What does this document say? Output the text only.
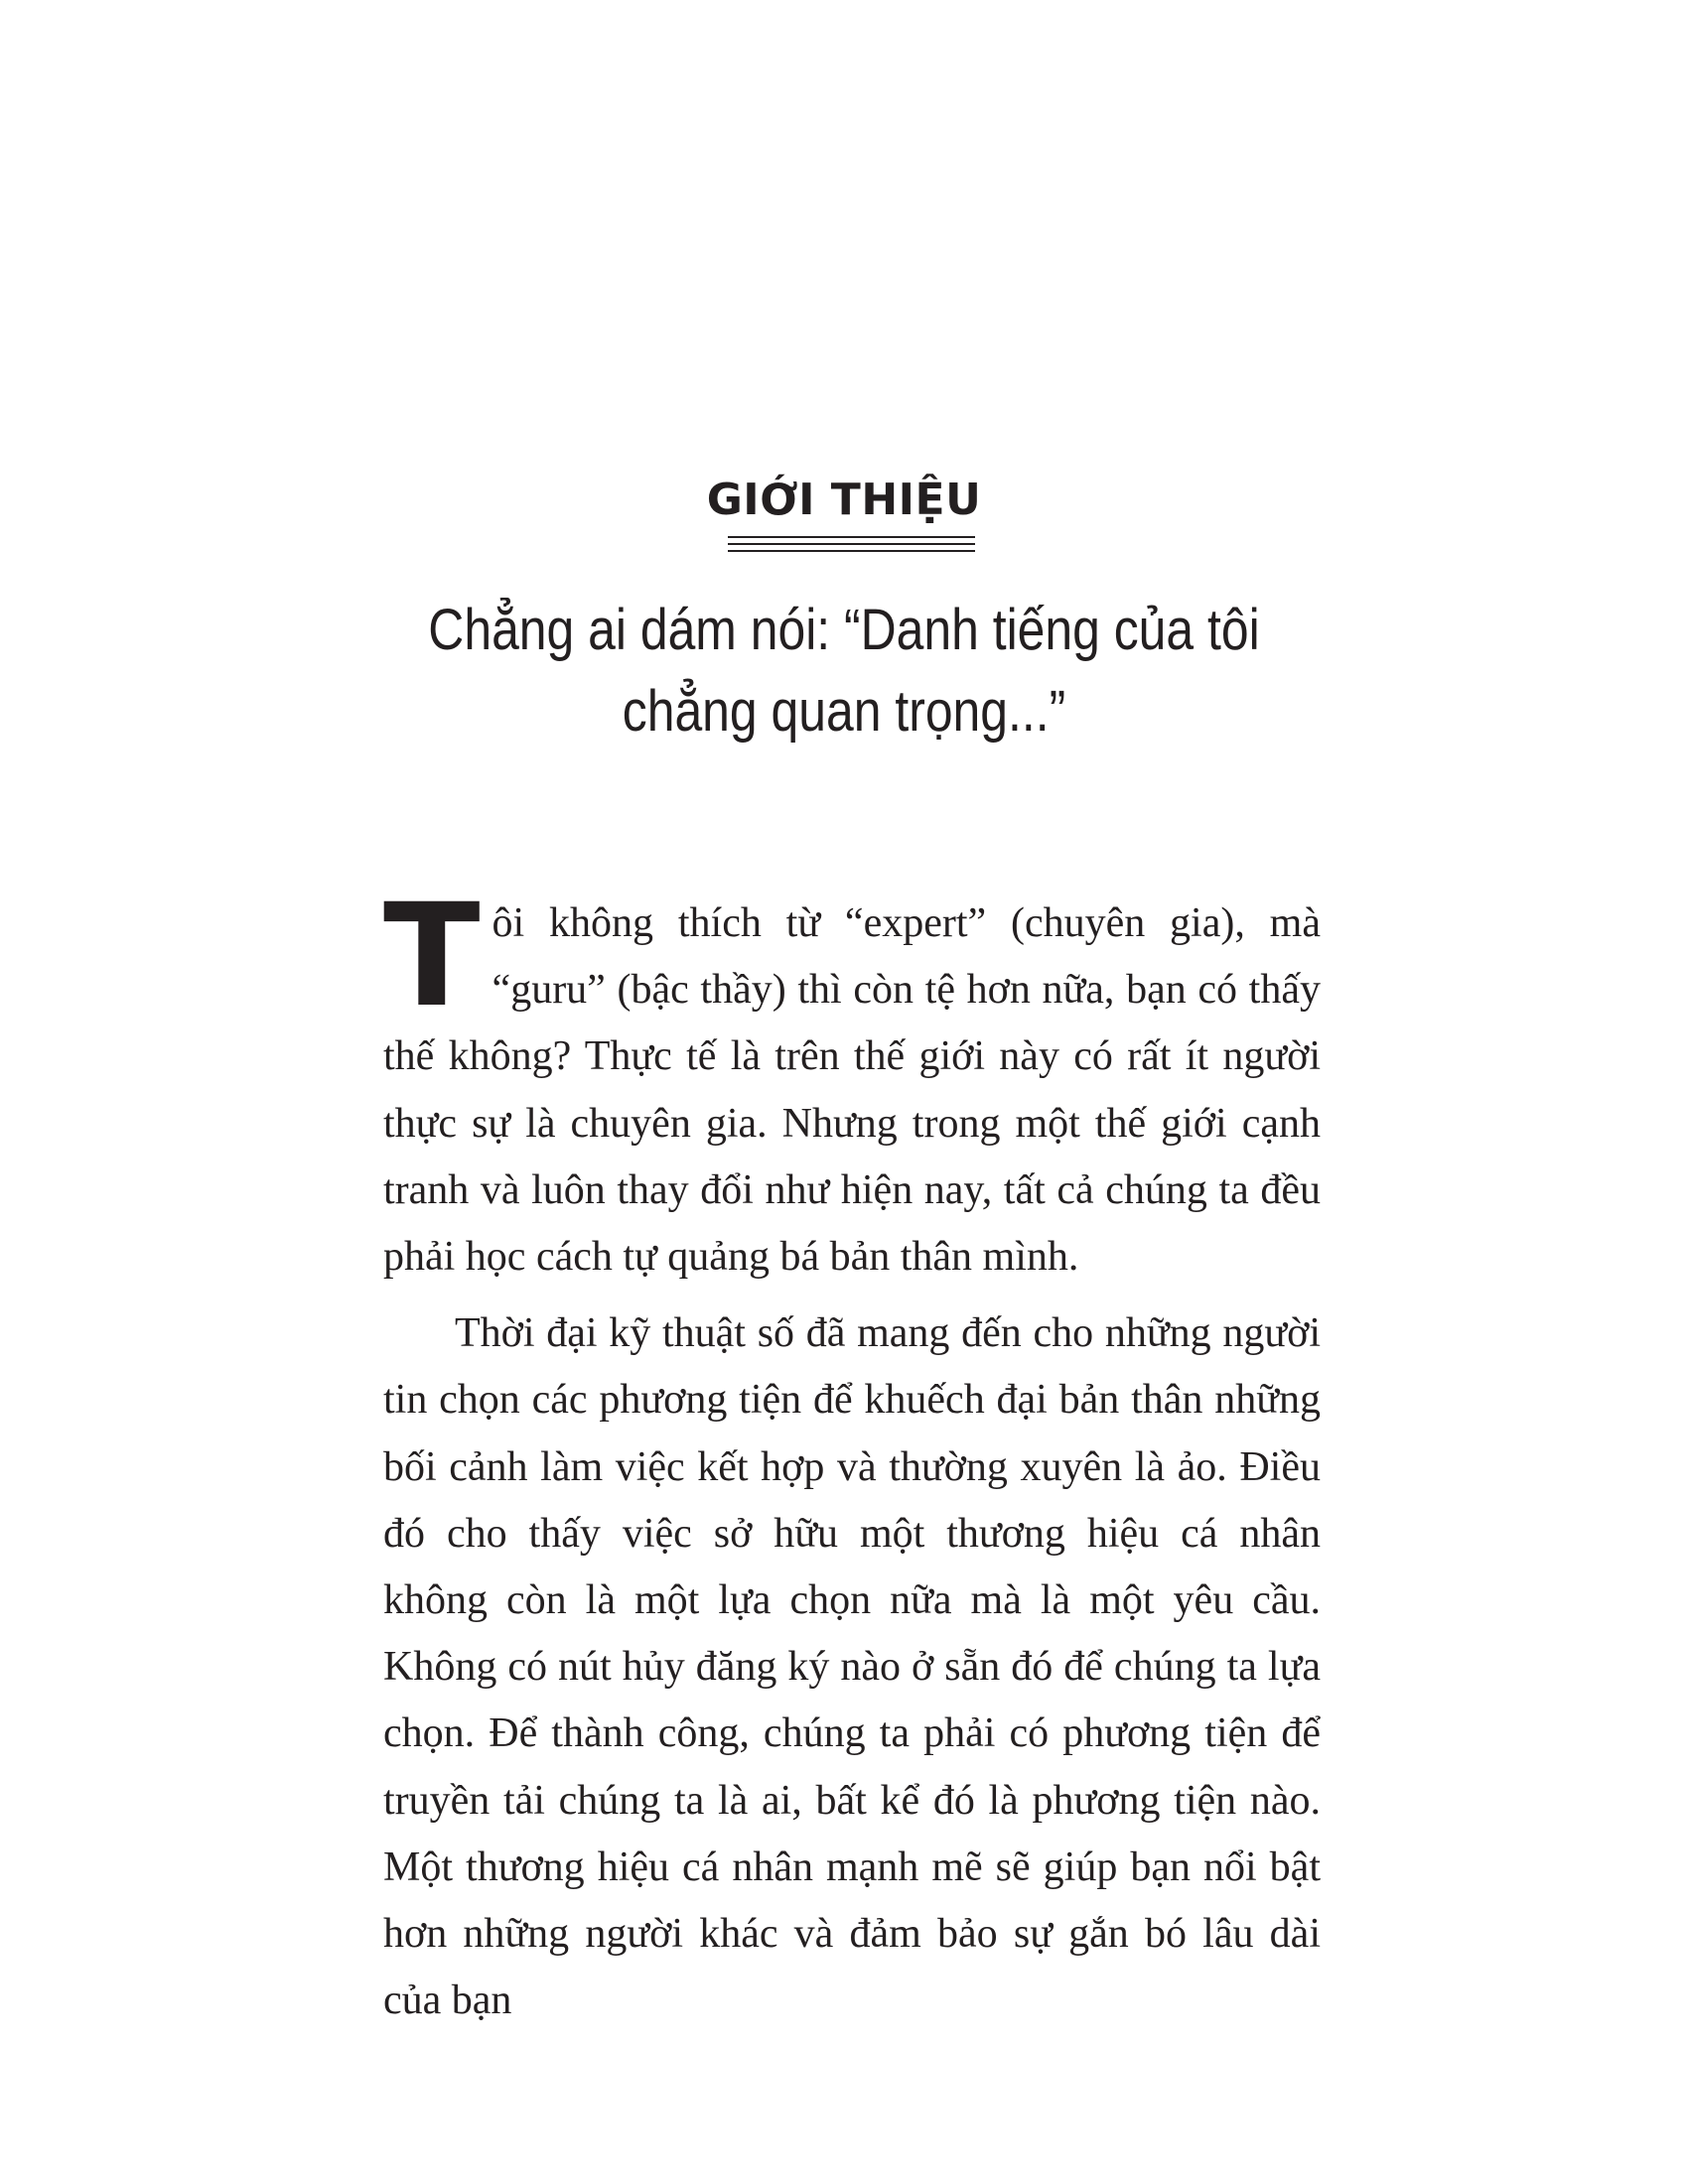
GIỚI THIỆU
Chẳng ai dám nói: “Danh tiếng của tôi
chẳng quan trọng...”

Tôi không thích từ “expert” (chuyên gia), mà “guru” (bậc thầy) thì còn tệ hơn nữa, bạn có thấy thế không? Thực tế là trên thế giới này có rất ít người thực sự là chuyên gia. Nhưng trong một thế giới cạnh tranh và luôn thay đổi như hiện nay, tất cả chúng ta đều phải học cách tự quảng bá bản thân mình.

Thời đại kỹ thuật số đã mang đến cho những người tin chọn các phương tiện để khuếch đại bản thân những bối cảnh làm việc kết hợp và thường xuyên là ảo. Điều đó cho thấy việc sở hữu một thương hiệu cá nhân không còn là một lựa chọn nữa mà là một yêu cầu. Không có nút hủy đăng ký nào ở sẵn đó để chúng ta lựa chọn. Để thành công, chúng ta phải có phương tiện để truyền tải chúng ta là ai, bất kể đó là phương tiện nào. Một thương hiệu cá nhân mạnh mẽ sẽ giúp bạn nổi bật hơn những người khác và đảm bảo sự gắn bó lâu dài của bạn
